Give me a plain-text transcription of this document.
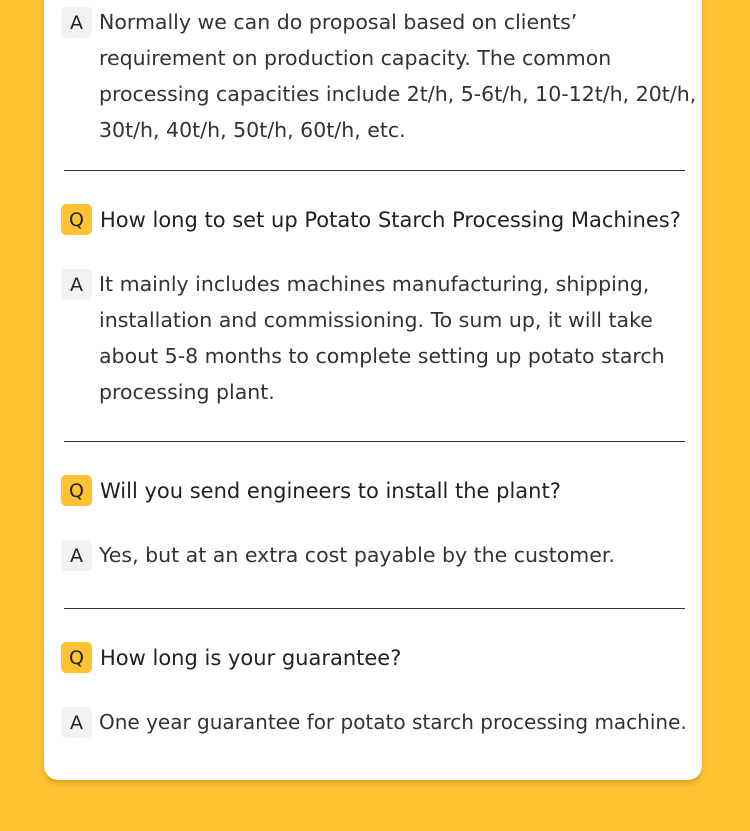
A Normally we can do proposal based on clients’ requirement on production capacity. The common processing capacities include 2t/h, 5-6t/h, 10-12t/h, 20t/h, 30t/h, 40t/h, 50t/h, 60t/h, etc.
Q How long to set up Potato Starch Processing Machines?
A It mainly includes machines manufacturing, shipping, installation and commissioning. To sum up, it will take about 5-8 months to complete setting up potato starch processing plant.
Q Will you send engineers to install the plant?
A Yes, but at an extra cost payable by the customer.
Q How long is your guarantee?
A One year guarantee for potato starch processing machine.
